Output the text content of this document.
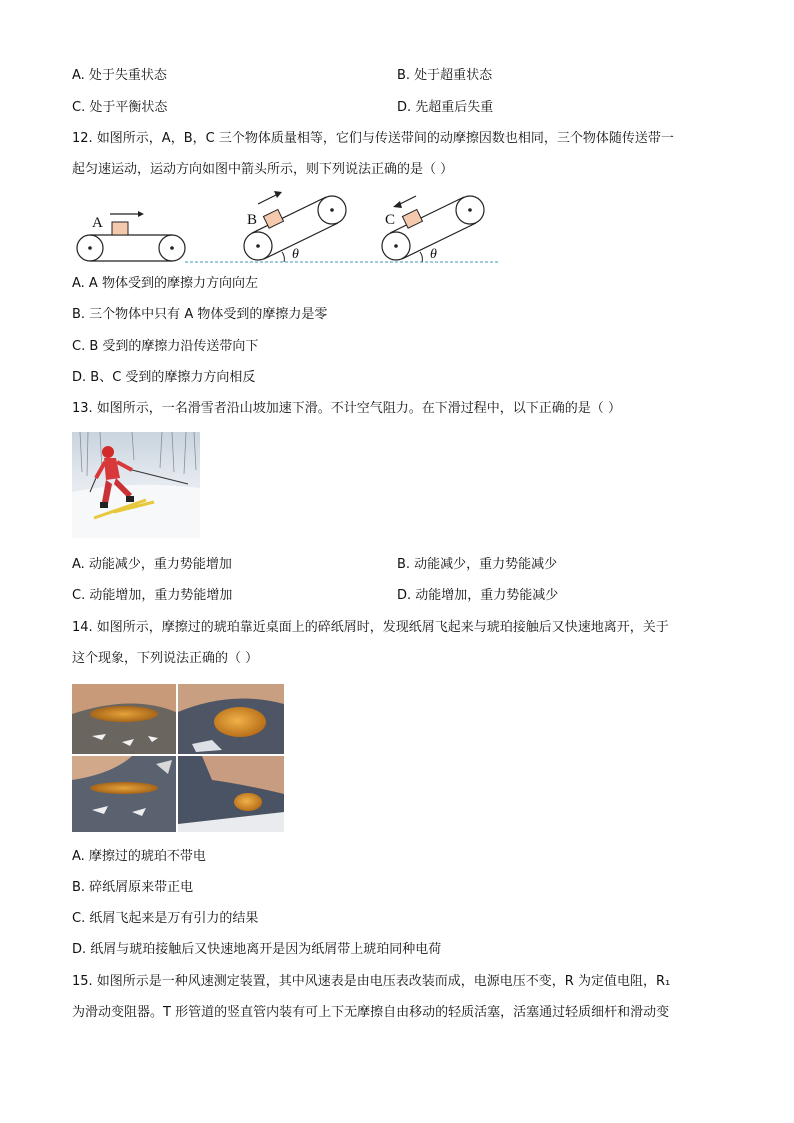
A. 处于失重状态	B. 处于超重状态
C. 处于平衡状态	D. 先超重后失重
12. 如图所示，A，B，C 三个物体质量相等，它们与传送带间的动摩擦因数也相同，三个物体随传送带一
起匀速运动，运动方向如图中箭头所示，则下列说法正确的是（ ）
A	B
θ
C
θ
A. A 物体受到的摩擦力方向向左
B. 三个物体中只有 A 物体受到的摩擦力是零
C. B 受到的摩擦力沿传送带向下
D. B、C 受到的摩擦力方向相反
13. 如图所示，一名滑雪者沿山坡加速下滑。不计空气阻力。在下滑过程中，以下正确的是（ ）
A. 动能减少，重力势能增加	B. 动能减少，重力势能减少
C. 动能增加，重力势能增加	D. 动能增加，重力势能减少
14. 如图所示，摩擦过的琥珀靠近桌面上的碎纸屑时，发现纸屑飞起来与琥珀接触后又快速地离开，关于
这个现象，下列说法正确的（ ）
A. 摩擦过的琥珀不带电
B. 碎纸屑原来带正电
C. 纸屑飞起来是万有引力的结果
D. 纸屑与琥珀接触后又快速地离开是因为纸屑带上琥珀同种电荷
15. 如图所示是一种风速测定装置，其中风速表是由电压表改装而成，电源电压不变，R 为定值电阻，R₁
为滑动变阻器。T 形管道的竖直管内装有可上下无摩擦自由移动的轻质活塞，活塞通过轻质细杆和滑动变
